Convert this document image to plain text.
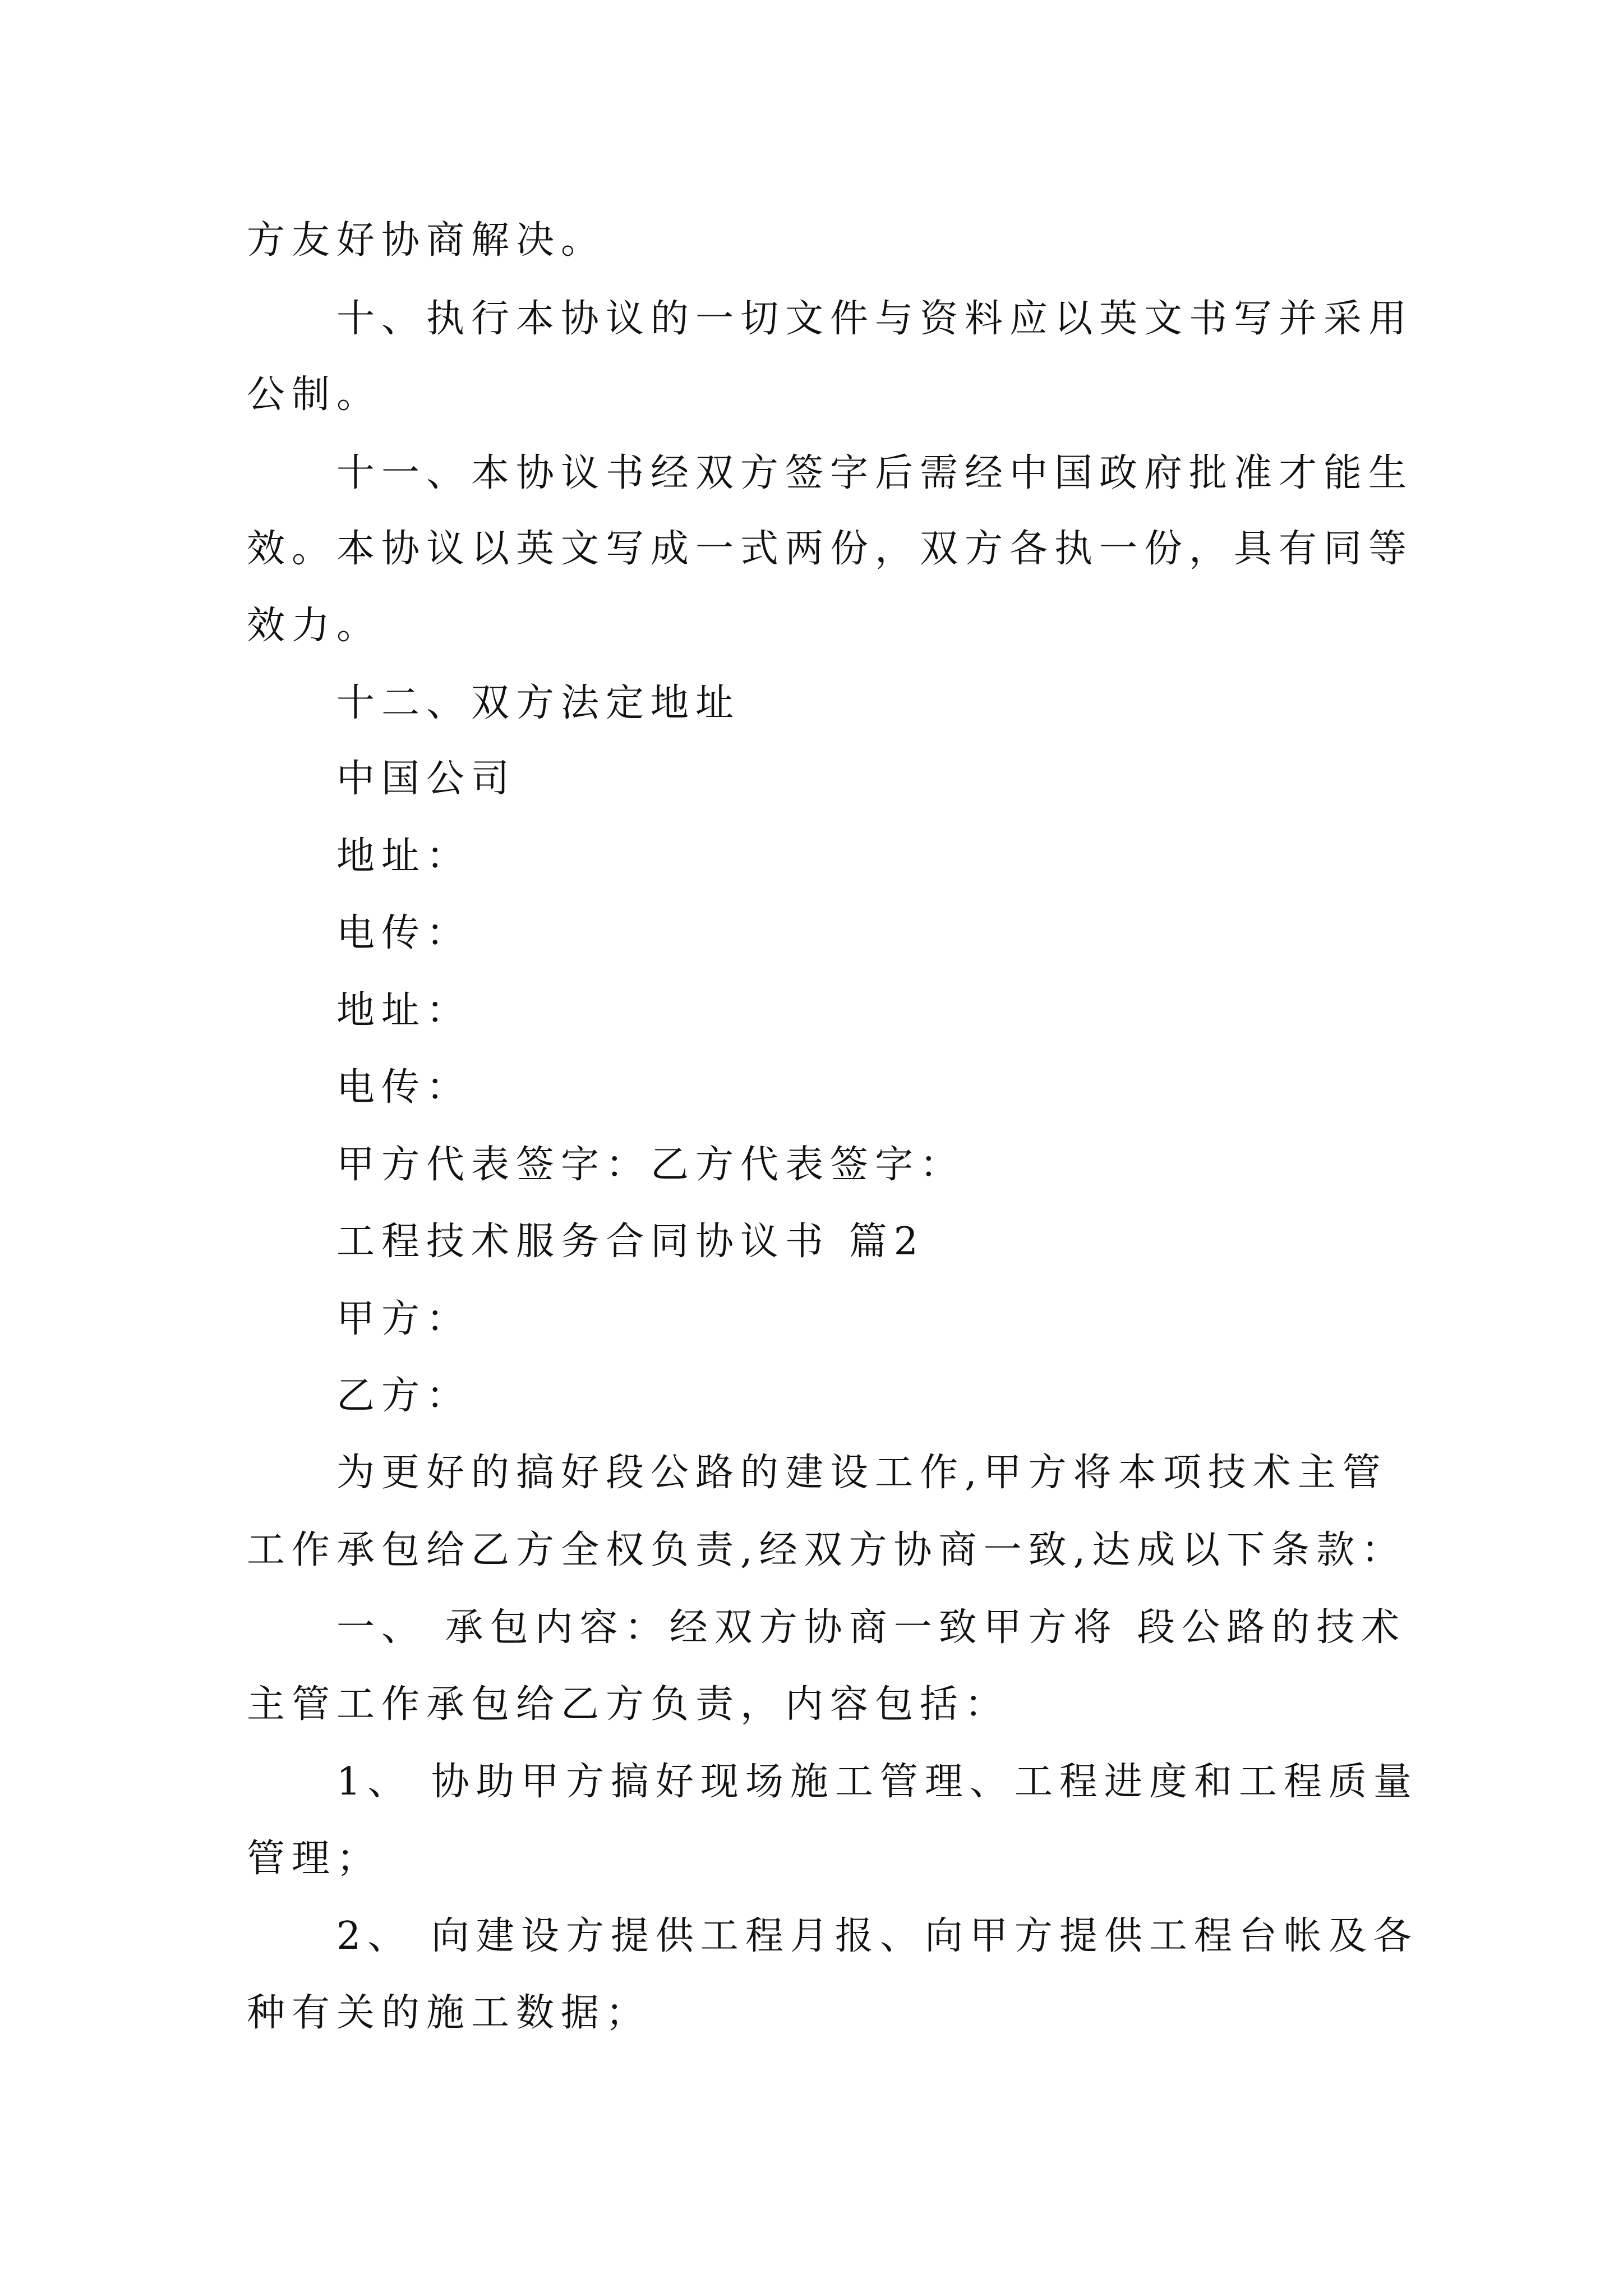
方友好协商解决。
十、执行本协议的一切文件与资料应以英文书写并采用
公制。
十一、本协议书经双方签字后需经中国政府批准才能生
效。本协议以英文写成一式两份，双方各执一份，具有同等
效力。
十二、双方法定地址
中国公司
地址：
电传：
地址：
电传：
甲方代表签字：乙方代表签字：
工程技术服务合同协议书 篇2
甲方：
乙方：
为更好的搞好段公路的建设工作,甲方将本项技术主管
工作承包给乙方全权负责,经双方协商一致,达成以下条款：
一、 承包内容：经双方协商一致甲方将 段公路的技术
主管工作承包给乙方负责，内容包括：
1、 协助甲方搞好现场施工管理、工程进度和工程质量
管理；
2、 向建设方提供工程月报、向甲方提供工程台帐及各
种有关的施工数据；
